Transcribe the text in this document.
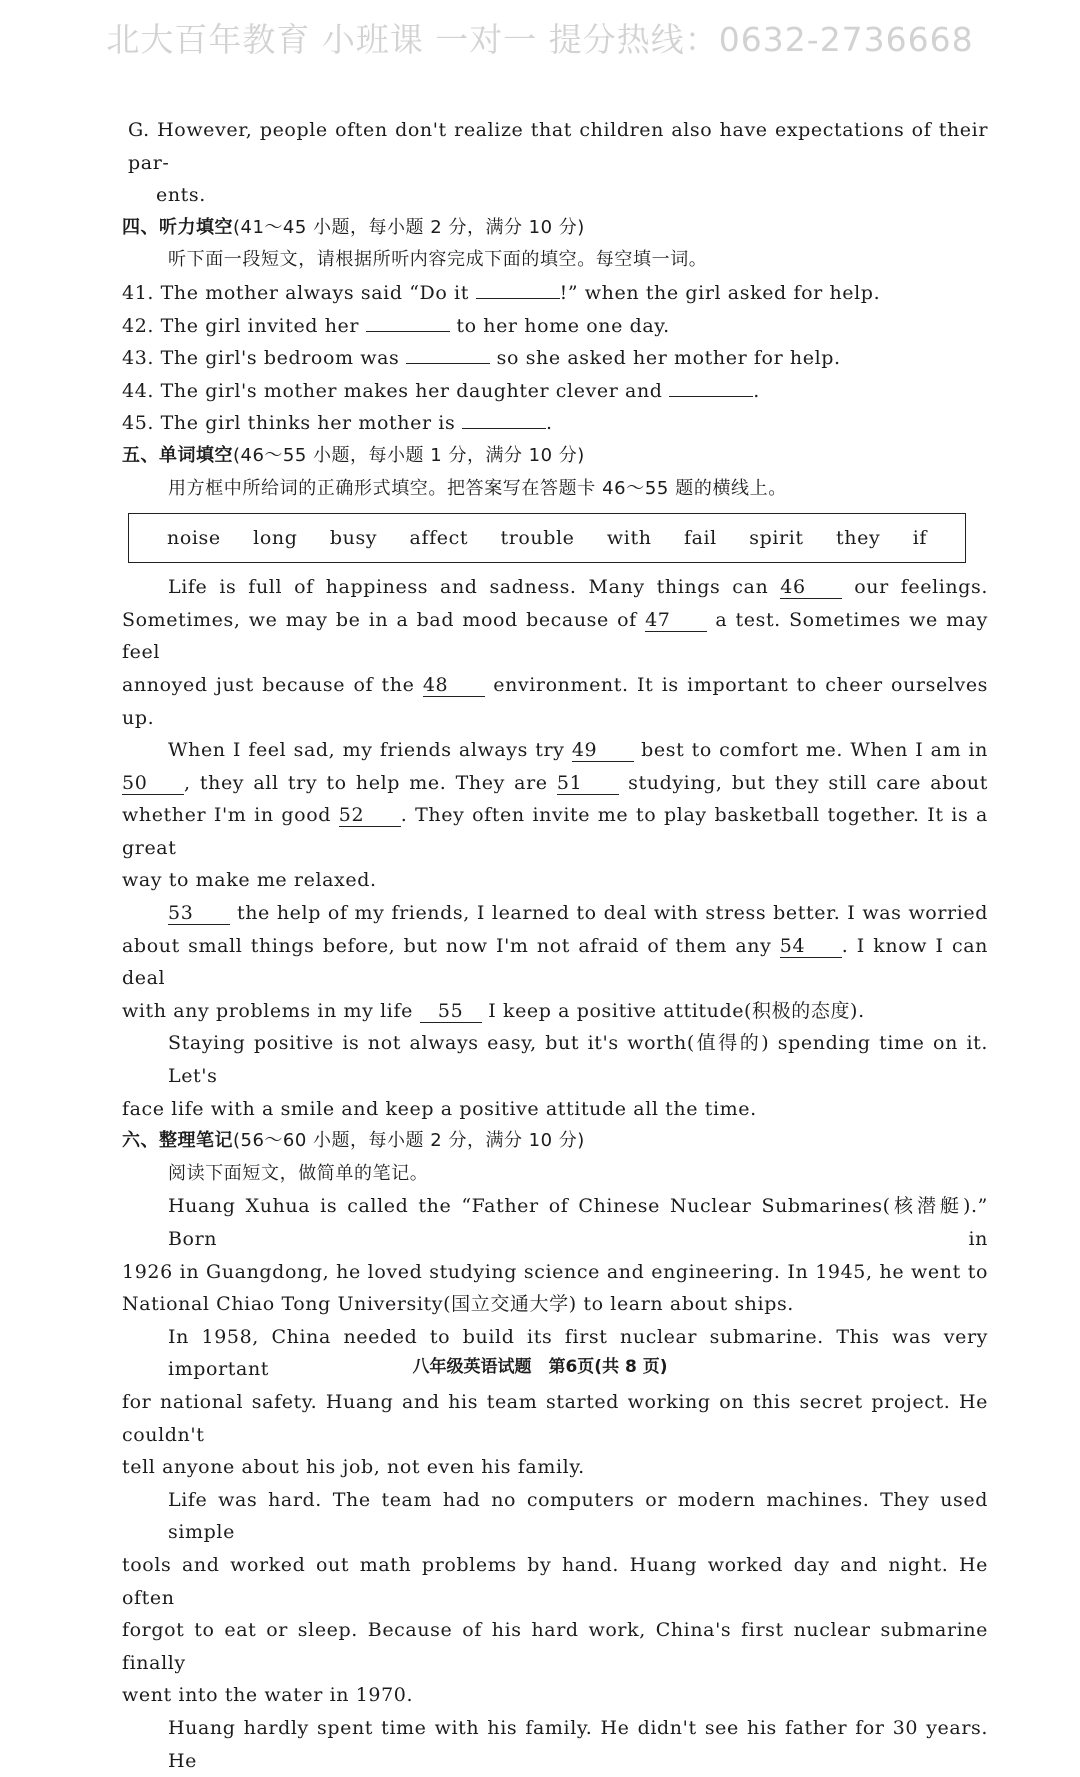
北大百年教育 小班课 一对一 提分热线：0632-2736668
G. However, people often don't realize that children also have expectations of their par-
ents.
四、听力填空(41～45 小题，每小题 2 分，满分 10 分)
听下面一段短文，请根据所听内容完成下面的填空。每空填一词。
41. The mother always said “Do it	!” when the girl asked for help.
42. The girl invited her	to her home one day.
43. The girl's bedroom was	so she asked her mother for help.
44. The girl's mother makes her daughter clever and	.
45. The girl thinks her mother is	.
五、单词填空(46～55 小题，每小题 1 分，满分 10 分)
用方框中所给词的正确形式填空。把答案写在答题卡 46～55 题的横线上。
noise long busy affect trouble with fail spirit they if
Life is full of happiness and sadness. Many things can 46	our feelings.
Sometimes, we may be in a bad mood because of 47 a test. Sometimes we may feel
annoyed just because of the 48 environment. It is important to cheer ourselves up.
When I feel sad, my friends always try 49 best to comfort me. When I am in
50 , they all try to help me. They are 51 studying, but they still care about
whether I'm in good 52 . They often invite me to play basketball together. It is a great
way to make me relaxed.
53 the help of my friends, I learned to deal with stress better. I was worried
about small things before, but now I'm not afraid of them any 54 . I know I can deal
with any problems in my life 55 I keep a positive attitude(积极的态度).
Staying positive is not always easy, but it's worth(值得的) spending time on it. Let's
face life with a smile and keep a positive attitude all the time.
六、整理笔记(56～60 小题，每小题 2 分，满分 10 分)
阅读下面短文，做简单的笔记。
Huang Xuhua is called the “Father of Chinese Nuclear Submarines(核潜艇).” Born in
1926 in Guangdong, he loved studying science and engineering. In 1945, he went to
National Chiao Tong University(国立交通大学) to learn about ships.
In 1958, China needed to build its first nuclear submarine. This was very important
for national safety. Huang and his team started working on this secret project. He couldn't
tell anyone about his job, not even his family.
Life was hard. The team had no computers or modern machines. They used simple
tools and worked out math problems by hand. Huang worked day and night. He often
forgot to eat or sleep. Because of his hard work, China's first nuclear submarine finally
went into the water in 1970.
Huang hardly spent time with his family. He didn't see his father for 30 years. He
八年级英语试题　第6页(共 8 页)
